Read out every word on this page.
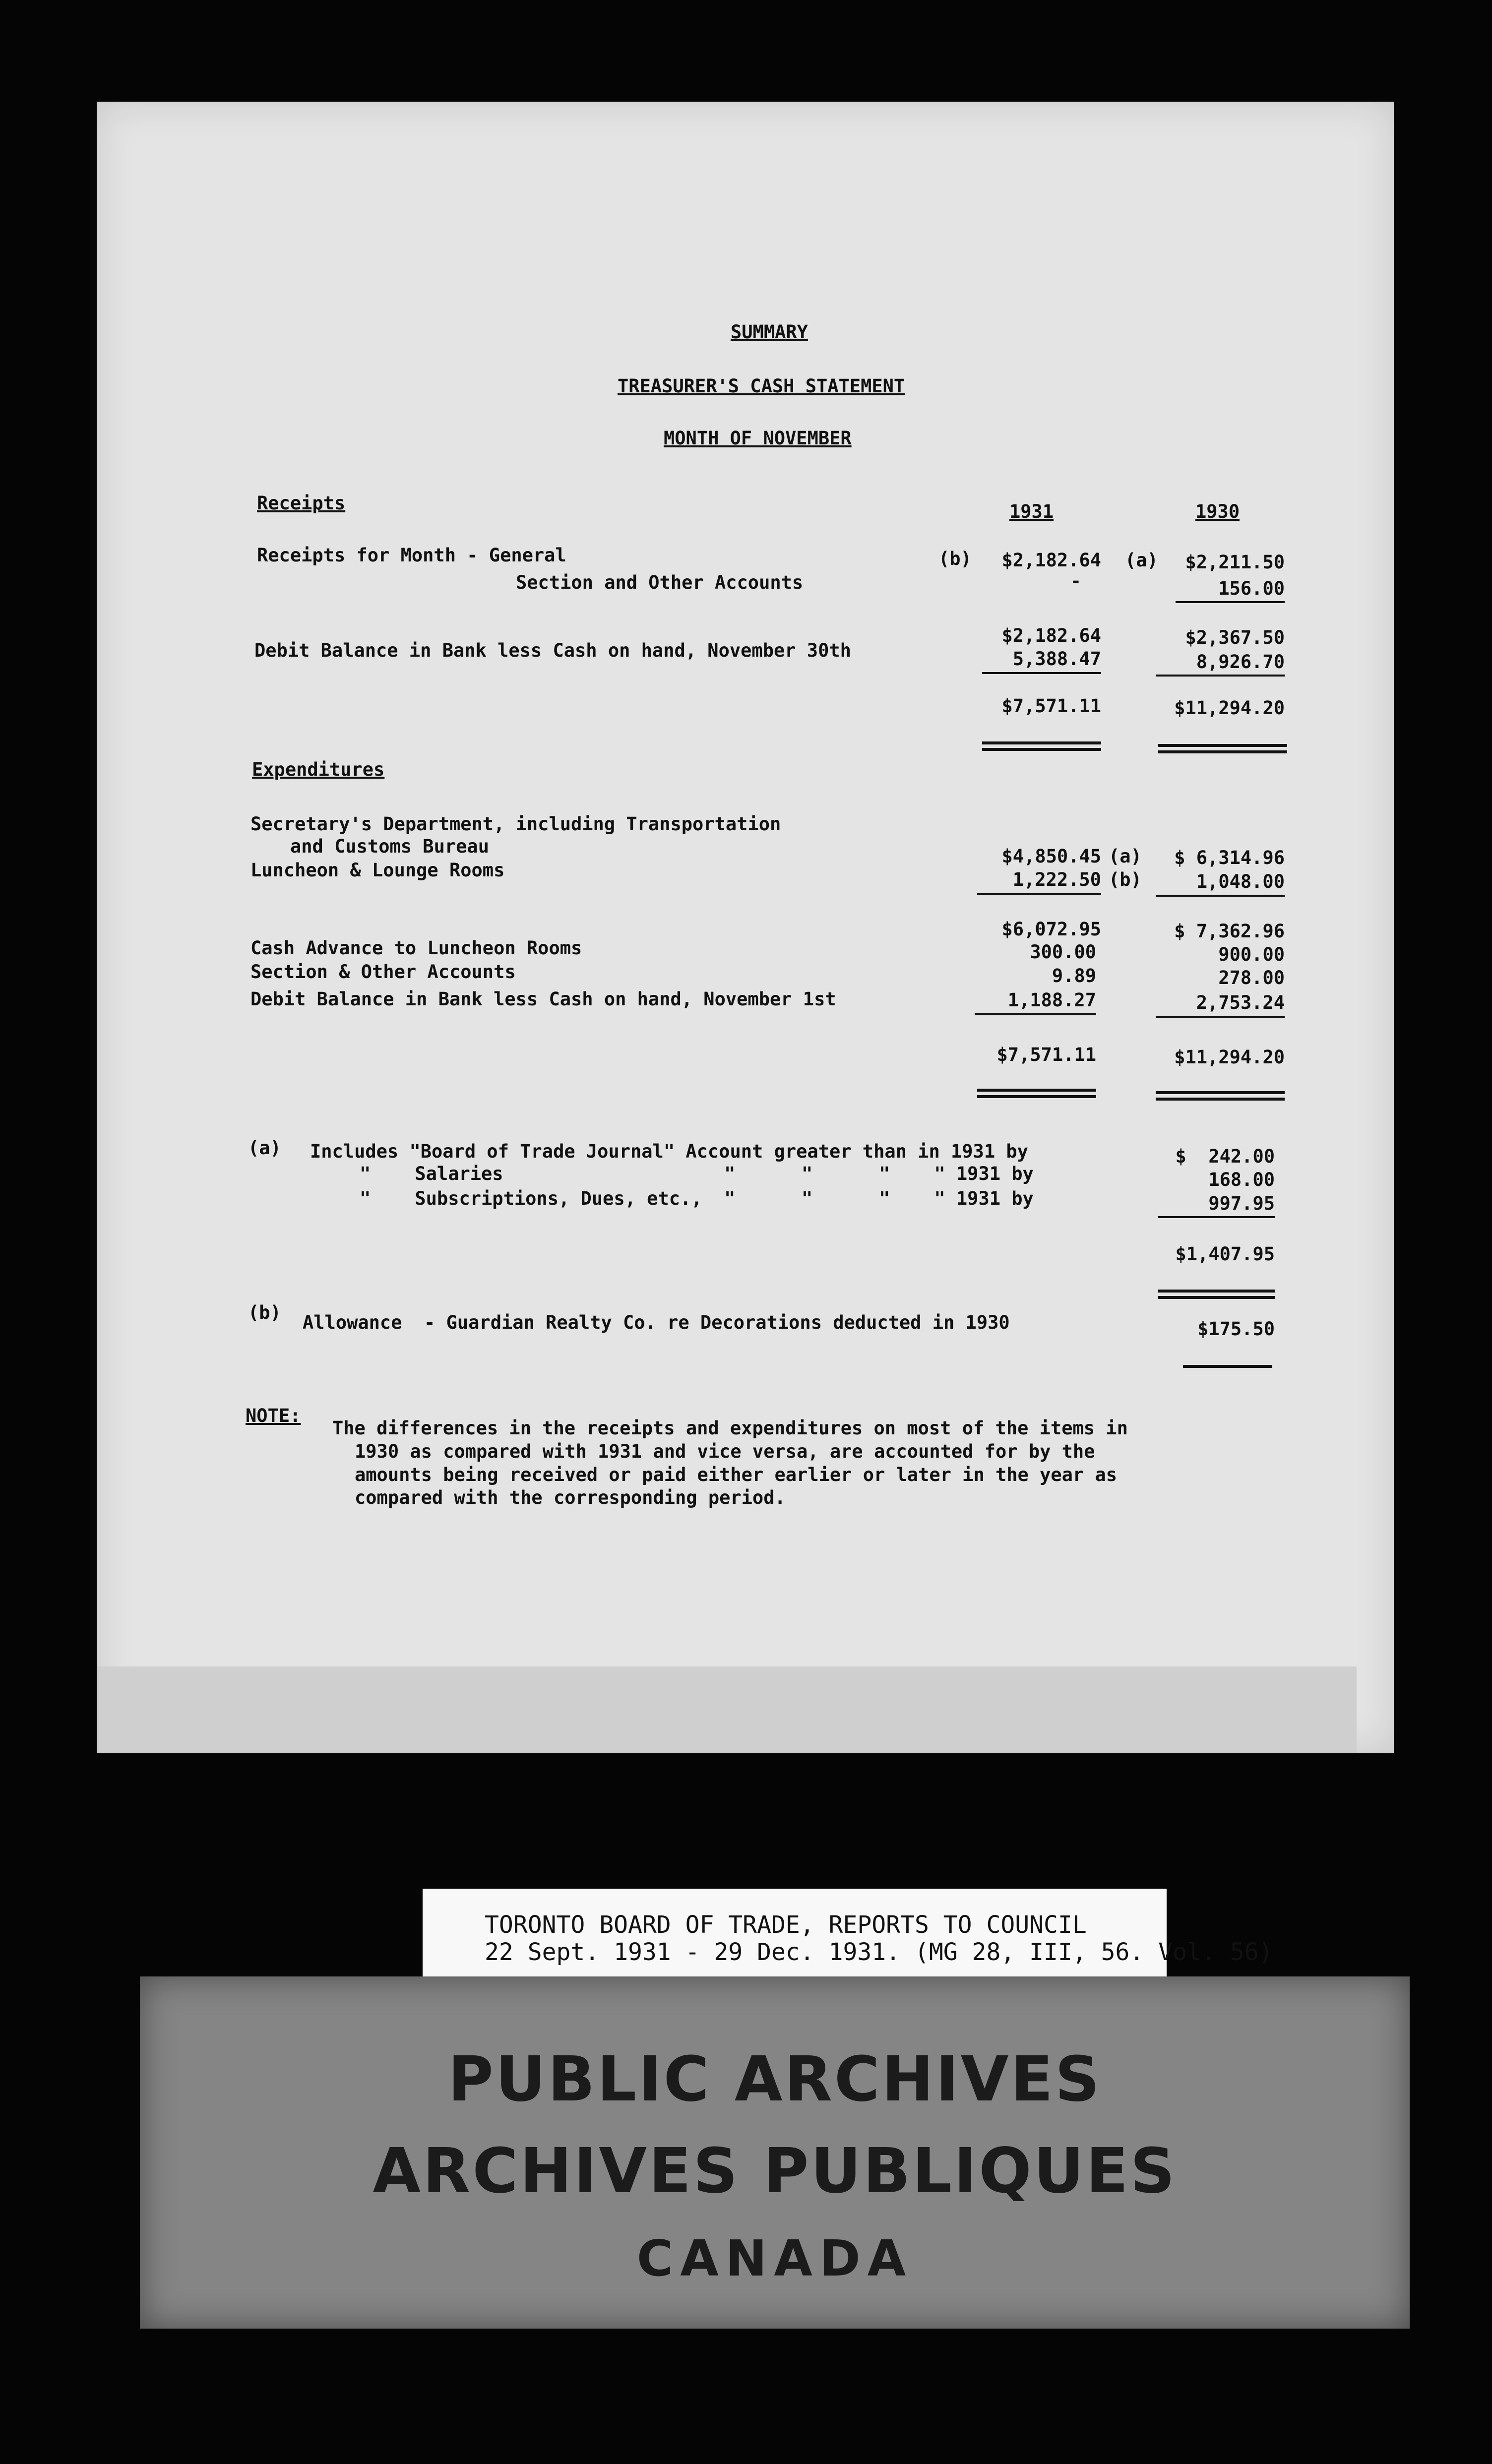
SUMMARY
TREASURER'S CASH STATEMENT
MONTH OF NOVEMBER
Receipts	1931	1930
Receipts for Month - General	(b)	$2,182.64 (a)	$2,211.50
Section and Other Accounts	-	156.00
$2,182.64	$2,367.50
Debit Balance in Bank less Cash on hand, November 30th	5,388.47	8,926.70
$7,571.11	$11,294.20
Expenditures
Secretary's Department, including Transportation
and Customs Bureau	$4,850.45 (a)	$ 6,314.96
Luncheon & Lounge Rooms	1,222.50 (b)	1,048.00
$6,072.95	$ 7,362.96
Cash Advance to Luncheon Rooms	300.00	900.00
Section & Other Accounts	9.89	278.00
Debit Balance in Bank less Cash on hand, November 1st	1,188.27	2,753.24
$7,571.11	$11,294.20
(a) Includes "Board of Trade Journal" Account greater than in 1931 by	$  242.00
"    Salaries                    "      "      "    " 1931 by	168.00
"    Subscriptions, Dues, etc.,  "      "      "    " 1931 by	997.95
$1,407.95
(b) Allowance  - Guardian Realty Co. re Decorations deducted in 1930	$175.50
NOTE:
The differences in the receipts and expenditures on most of the items in
1930 as compared with 1931 and vice versa, are accounted for by the
amounts being received or paid either earlier or later in the year as
compared with the corresponding period.
TORONTO BOARD OF TRADE, REPORTS TO COUNCIL
22 Sept. 1931 - 29 Dec. 1931. (MG 28, III, 56. Vol. 56)
PUBLIC ARCHIVES
ARCHIVES PUBLIQUES
CANADA
